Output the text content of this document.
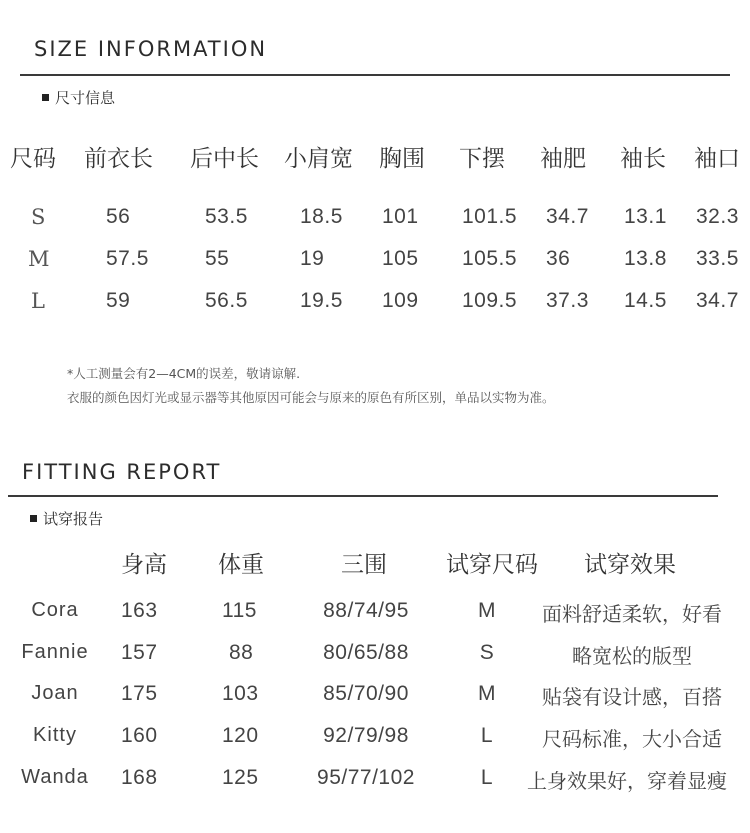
SIZE INFORMATION
尺寸信息
尺码 前衣长 后中长 小肩宽 胸围 下摆 袖肥 袖长 袖口
S	56	53.5 18.5 101 101.5 34.7 13.1 32.3
M	57.5	55	19	105 105.5 36	13.8 33.5
L	59	56.5 19.5 109 109.5 37.3 14.5 34.7
*人工测量会有2—4CM的误差，敬请谅解.
衣服的颜色因灯光或显示器等其他原因可能会与原来的原色有所区别，单品以实物为准。
FITTING REPORT
试穿报告
身高 体重	三围	试穿尺码 试穿效果
Cora 163	115	88/74/95	M 面料舒适柔软，好看
Fannie 157	88	80/65/88	S	略宽松的版型
Joan 175	103	85/70/90	M 贴袋有设计感，百搭
Kitty 160	120	92/79/98	L 尺码标准，大小合适
Wanda 168	125	95/77/102	L 上身效果好，穿着显瘦
